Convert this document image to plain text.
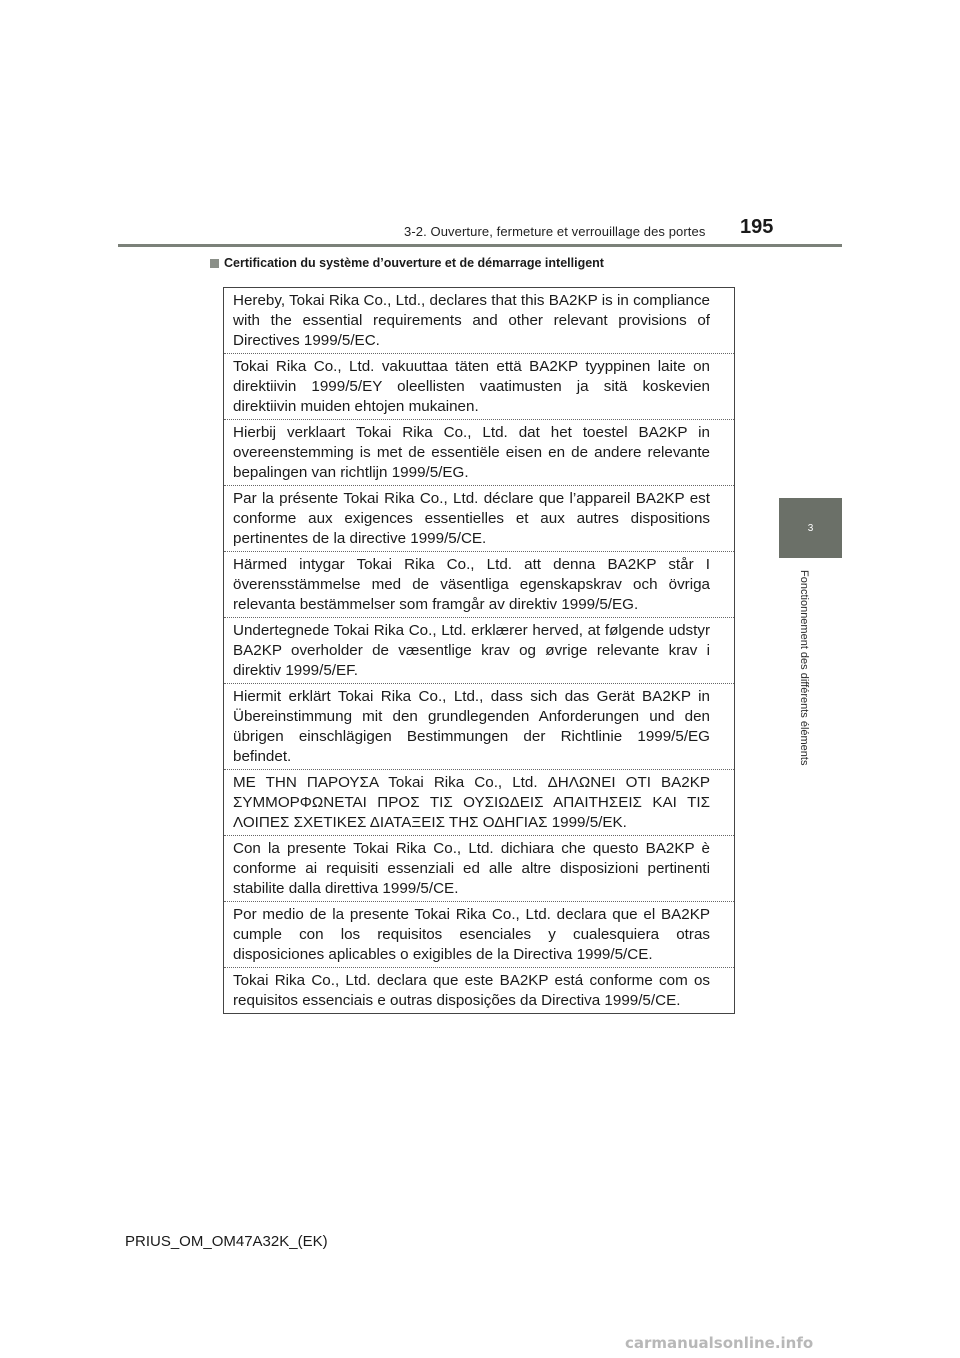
3-2. Ouverture, fermeture et verrouillage des portes 195
3
Fonctionnement des différents éléments
Certification du système d’ouverture et de démarrage intelligent
Hereby, Tokai Rika Co., Ltd., declares that this BA2KP is in compliance with the essential requirements and other relevant provisions of Directives 1999/5/EC.
Tokai Rika Co., Ltd. vakuuttaa täten että BA2KP tyyppinen laite on direktiivin 1999/5/EY oleellisten vaatimusten ja sitä koskevien direktiivin muiden ehtojen mukainen.
Hierbij verklaart Tokai Rika Co., Ltd. dat het toestel BA2KP in overeenstemming is met de essentiële eisen en de andere relevante bepalingen van richtlijn 1999/5/EG.
Par la présente Tokai Rika Co., Ltd. déclare que l’appareil BA2KP est conforme aux exigences essentielles et aux autres dispositions pertinentes de la directive 1999/5/CE.
Härmed intygar Tokai Rika Co., Ltd. att denna BA2KP står I överensstämmelse med de väsentliga egenskapskrav och övriga relevanta bestämmelser som framgår av direktiv 1999/5/EG.
Undertegnede Tokai Rika Co., Ltd. erklærer herved, at følgende udstyr BA2KP overholder de væsentlige krav og øvrige relevante krav i direktiv 1999/5/EF.
Hiermit erklärt Tokai Rika Co., Ltd., dass sich das Gerät BA2KP in Übereinstimmung mit den grundlegenden Anforderungen und den übrigen einschlägigen Bestimmungen der Richtlinie 1999/5/EG befindet.
ΜΕ ΤΗΝ ΠΑΡΟΥΣΑ Tokai Rika Co., Ltd. ΔΗΛΩΝΕΙ ΟΤΙ BA2KP ΣΥΜΜΟΡΦΩΝΕΤΑΙ ΠΡΟΣ ΤΙΣ ΟΥΣΙΩΔΕΙΣ ΑΠΑΙΤΗΣΕΙΣ ΚΑΙ ΤΙΣ ΛΟΙΠΕΣ ΣΧΕΤΙΚΕΣ ΔΙΑΤΑΞΕΙΣ ΤΗΣ ΟΔΗΓΙΑΣ 1999/5/ΕΚ.
Con la presente Tokai Rika Co., Ltd. dichiara che questo BA2KP è conforme ai requisiti essenziali ed alle altre disposizioni pertinenti stabilite dalla direttiva 1999/5/CE.
Por medio de la presente Tokai Rika Co., Ltd. declara que el BA2KP cumple con los requisitos esenciales y cualesquiera otras disposiciones aplicables o exigibles de la Directiva 1999/5/CE.
Tokai Rika Co., Ltd. declara que este BA2KP está conforme com os requisitos essenciais e outras disposições da Directiva 1999/5/CE.
PRIUS_OM_OM47A32K_(EK)
carmanualsonline.info
